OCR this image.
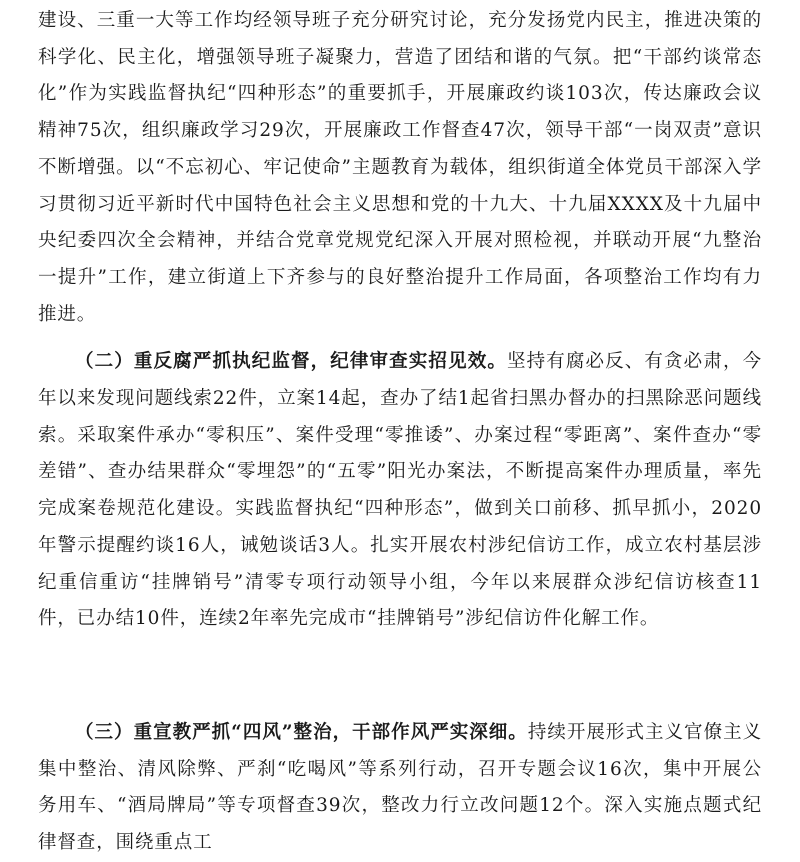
建设、三重一大等工作均经领导班子充分研究讨论，充分发扬党内民主，推进决策的科学化、民主化，增强领导班子凝聚力，营造了团结和谐的气氛。把“干部约谈常态化”作为实践监督执纪“四种形态”的重要抓手，开展廉政约谈103次，传达廉政会议精神75次，组织廉政学习29次，开展廉政工作督查47次，领导干部“一岗双责”意识不断增强。以“不忘初心、牢记使命”主题教育为载体，组织街道全体党员干部深入学习贯彻习近平新时代中国特色社会主义思想和党的十九大、十九届XXXX及十九届中央纪委四次全会精神，并结合党章党规党纪深入开展对照检视，并联动开展“九整治一提升”工作，建立街道上下齐参与的良好整治提升工作局面，各项整治工作均有力推进。

（二）重反腐严抓执纪监督，纪律审查实招见效。坚持有腐必反、有贪必肃，今年以来发现问题线索22件，立案14起，查办了结1起省扫黑办督办的扫黑除恶问题线索。采取案件承办“零积压”、案件受理“零推诿”、办案过程“零距离”、案件查办“零差错”、查办结果群众“零埋怨”的“五零”阳光办案法，不断提高案件办理质量，率先完成案卷规范化建设。实践监督执纪“四种形态”，做到关口前移、抓早抓小，2020年警示提醒约谈16人，诫勉谈话3人。扎实开展农村涉纪信访工作，成立农村基层涉纪重信重访“挂牌销号”清零专项行动领导小组，今年以来展群众涉纪信访核查11件，已办结10件，连续2年率先完成市“挂牌销号”涉纪信访件化解工作。

（三）重宣教严抓“四风”整治，干部作风严实深细。持续开展形式主义官僚主义集中整治、清风除弊、严刹“吃喝风”等系列行动，召开专题会议16次，集中开展公务用车、“酒局牌局”等专项督查39次，整改力行立改问题12个。深入实施点题式纪律督查，围绕重点工
